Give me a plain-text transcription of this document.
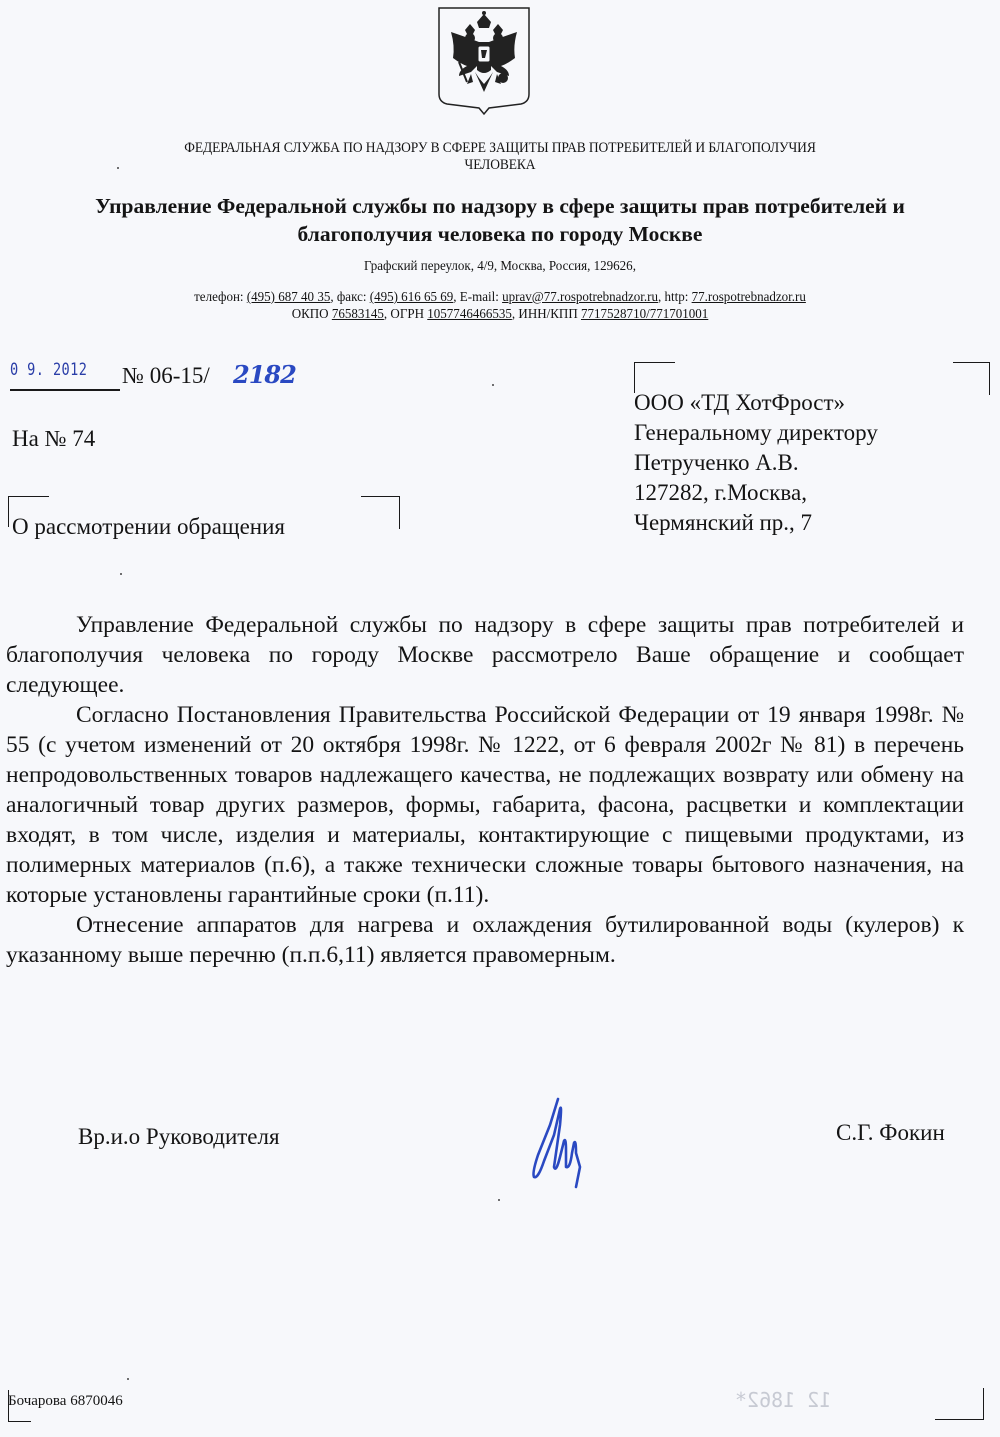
ФЕДЕРАЛЬНАЯ СЛУЖБА ПО НАДЗОРУ В СФЕРЕ ЗАЩИТЫ ПРАВ ПОТРЕБИТЕЛЕЙ И БЛАГОПОЛУЧИЯ
ЧЕЛОВЕКА
Управление Федеральной службы по надзору в сфере защиты прав потребителей и
благополучия человека по городу Москве
Графский переулок, 4/9, Москва, Россия, 129626,
телефон: (495) 687 40 35, факс: (495) 616 65 69, E-mail: uprav@77.rospotrebnadzor.ru, http: 77.rospotrebnadzor.ru
ОКПО 76583145, ОГРН 1057746466535, ИНН/КПП 7717528710/771701001
0 9. 2012 № 06-15/ 2182
На № 74
О рассмотрении обращения
ООО «ТД ХотФрост»
Генеральному директору
Петрученко А.В.
127282, г.Москва,
Чермянский пр., 7

Управление Федеральной службы по надзору в сфере защиты прав потребителей и благополучия человека по городу Москве рассмотрело Ваше обращение и сообщает следующее.

Согласно Постановления Правительства Российской Федерации от 19 января 1998г. № 55 (с учетом изменений от 20 октября 1998г. № 1222, от 6 февраля 2002г № 81) в перечень непродовольственных товаров надлежащего качества, не подлежащих возврату или обмену на аналогичный товар других размеров, формы, габарита, фасона, расцветки и комплектации входят, в том числе, изделия и материалы, контактирующие с пищевыми продуктами, из полимерных материалов (п.6), а также технически сложные товары бытового назначения, на которые установлены гарантийные сроки (п.11).

Отнесение аппаратов для нагрева и охлаждения бутилированной воды (кулеров) к указанному выше перечню (п.п.6,11) является правомерным.

Вр.и.о Руководителя	С.Г. Фокин
Бочарова 6870046	12 1862*
